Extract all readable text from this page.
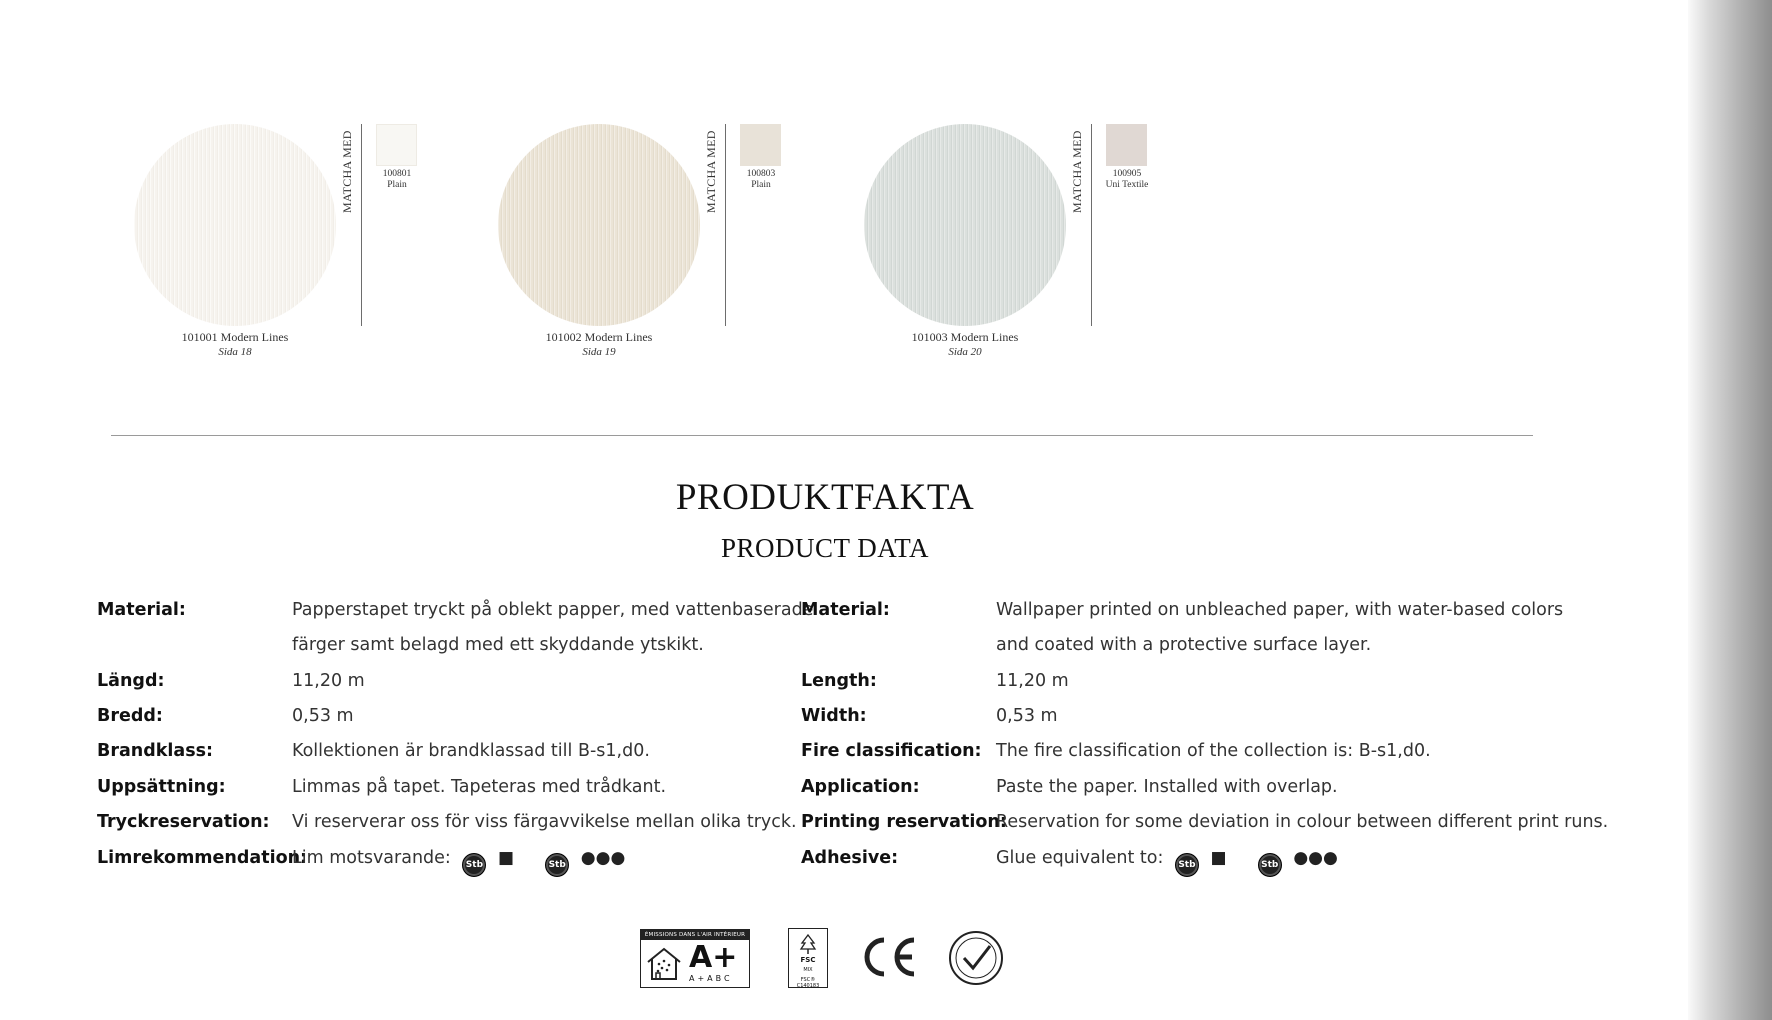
MATCHA MED	100801
Plain
101001 Modern Lines
Sida 18
MATCHA MED	100803
Plain
101002 Modern Lines
Sida 19
MATCHA MED	100905
Uni Textile
101003 Modern Lines
Sida 20
PRODUKTFAKTA
PRODUCT DATA
Material:	Papperstapet tryckt på oblekt papper, med vattenbaserade
färger samt belagd med ett skyddande ytskikt.
Längd:	11,20 m
Bredd:	0,53 m
Brandklass:	Kollektionen är brandklassad till B-s1,d0.
Uppsättning:	Limmas på tapet. Tapeteras med trådkant.
Tryckreservation: Vi reserverar oss för viss färgavvikelse mellan olika tryck.
Limrekommendation:
Lim motsvarande: Stb ■	Stb ●●●
Material:	Wallpaper printed on unbleached paper, with water-based colors
and coated with a protective surface layer.
Length:	11,20 m
Width:	0,53 m
Fire classification: The fire classification of the collection is: B-s1,d0.
Application:	Paste the paper. Installed with overlap.
Printing reservation:
Reservation for some deviation in colour between different print runs.
Adhesive:	Glue equivalent to: Stb ■	Stb ●●●
ÉMISSIONS DANS L'AIR INTÉRIEUR
A+
A+ABC
FSC
MIX
FSC® C140183
